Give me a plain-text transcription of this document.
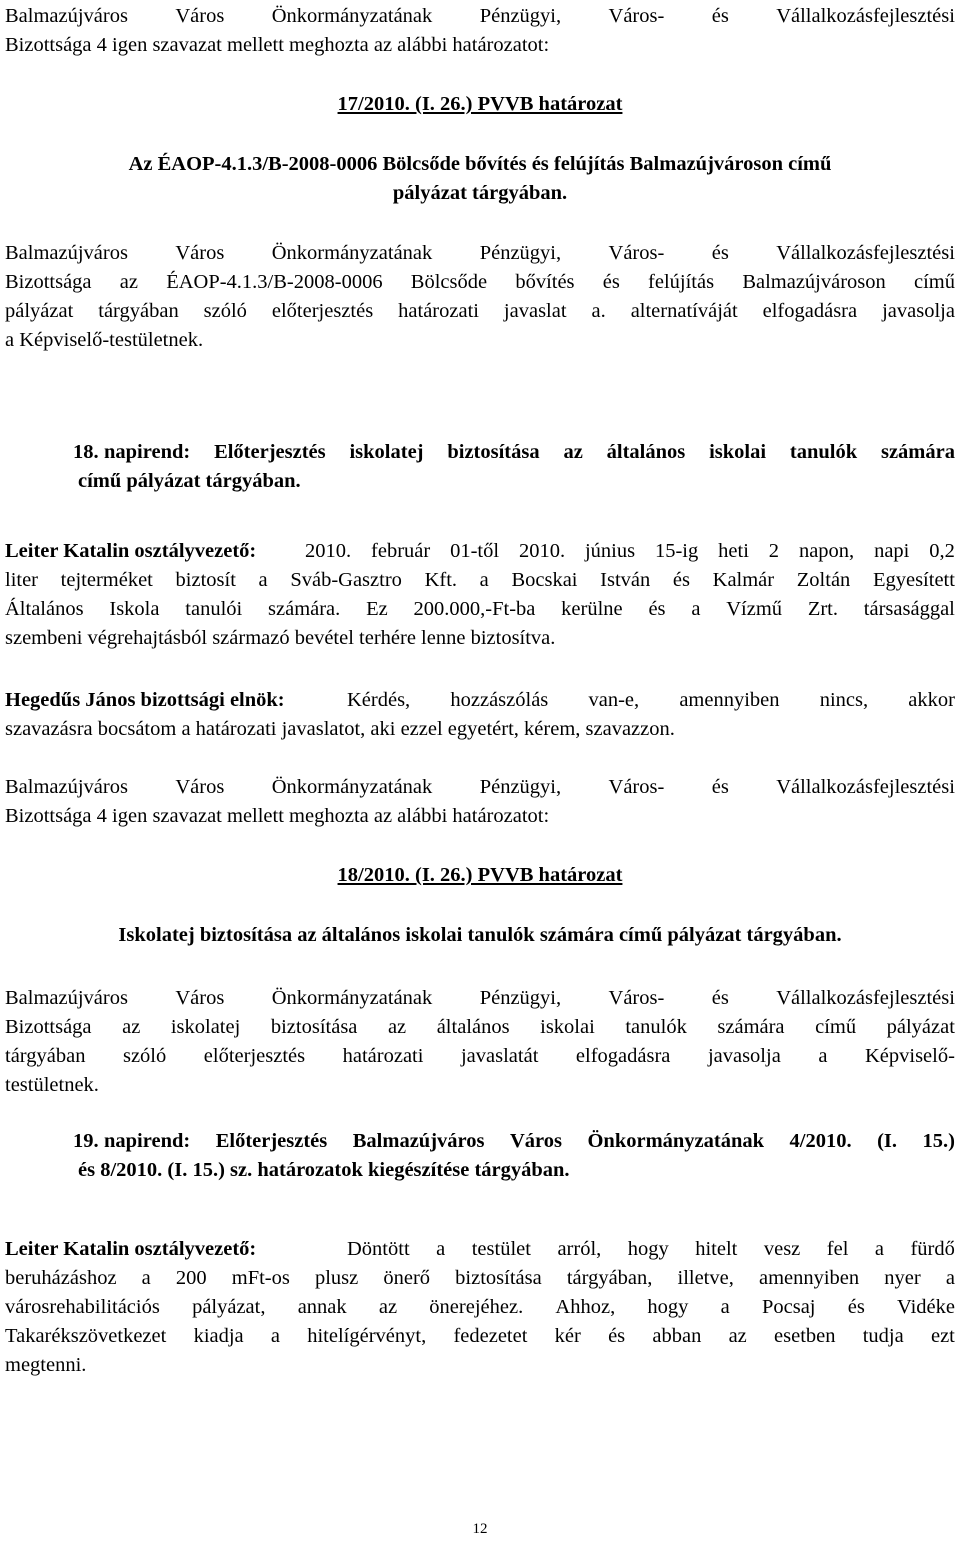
Balmazújváros Város Önkormányzatának Pénzügyi, Város- és Vállalkozásfejlesztési
Bizottsága 4 igen szavazat mellett meghozta az alábbi határozatot:
17/2010. (I. 26.) PVVB határozat
Az ÉAOP-4.1.3/B-2008-0006 Bölcsőde bővítés és felújítás Balmazújvároson című
pályázat tárgyában.
Balmazújváros Város Önkormányzatának Pénzügyi, Város- és Vállalkozásfejlesztési
Bizottsága az ÉAOP-4.1.3/B-2008-0006 Bölcsőde bővítés és felújítás Balmazújvároson című
pályázat tárgyában szóló előterjesztés határozati javaslat a. alternatíváját elfogadásra javasolja
a Képviselő-testületnek.
18. napirend: Előterjesztés iskolatej biztosítása az általános iskolai tanulók számára
című pályázat tárgyában.
Leiter Katalin osztályvezető: 2010. február 01-től 2010. június 15-ig heti 2 napon, napi 0,2
liter tejterméket biztosít a Sváb-Gasztro Kft. a Bocskai István és Kalmár Zoltán Egyesített
Általános Iskola tanulói számára. Ez 200.000,-Ft-ba kerülne és a Vízmű Zrt. társasággal
szembeni végrehajtásból származó bevétel terhére lenne biztosítva.
Hegedűs János bizottsági elnök:	Kérdés, hozzászólás van-e, amennyiben nincs, akkor
szavazásra bocsátom a határozati javaslatot, aki ezzel egyetért, kérem, szavazzon.
Balmazújváros Város Önkormányzatának Pénzügyi, Város- és Vállalkozásfejlesztési
Bizottsága 4 igen szavazat mellett meghozta az alábbi határozatot:
18/2010. (I. 26.) PVVB határozat
Iskolatej biztosítása az általános iskolai tanulók számára című pályázat tárgyában.
Balmazújváros Város Önkormányzatának Pénzügyi, Város- és Vállalkozásfejlesztési
Bizottsága az iskolatej biztosítása az általános iskolai tanulók számára című pályázat
tárgyában szóló előterjesztés határozati javaslatát elfogadásra javasolja a Képviselő-
testületnek.
19. napirend: Előterjesztés Balmazújváros Város Önkormányzatának 4/2010. (I. 15.)
és 8/2010. (I. 15.) sz. határozatok kiegészítése tárgyában.
Leiter Katalin osztályvezető:	Döntött a testület arról, hogy hitelt vesz fel a fürdő
beruházáshoz a 200 mFt-os plusz önerő biztosítása tárgyában, illetve, amennyiben nyer a
városrehabilitációs pályázat, annak az önerejéhez. Ahhoz, hogy a Pocsaj és Vidéke
Takarékszövetkezet kiadja a hitelígérvényt, fedezetet kér és abban az esetben tudja ezt
megtenni.
12
